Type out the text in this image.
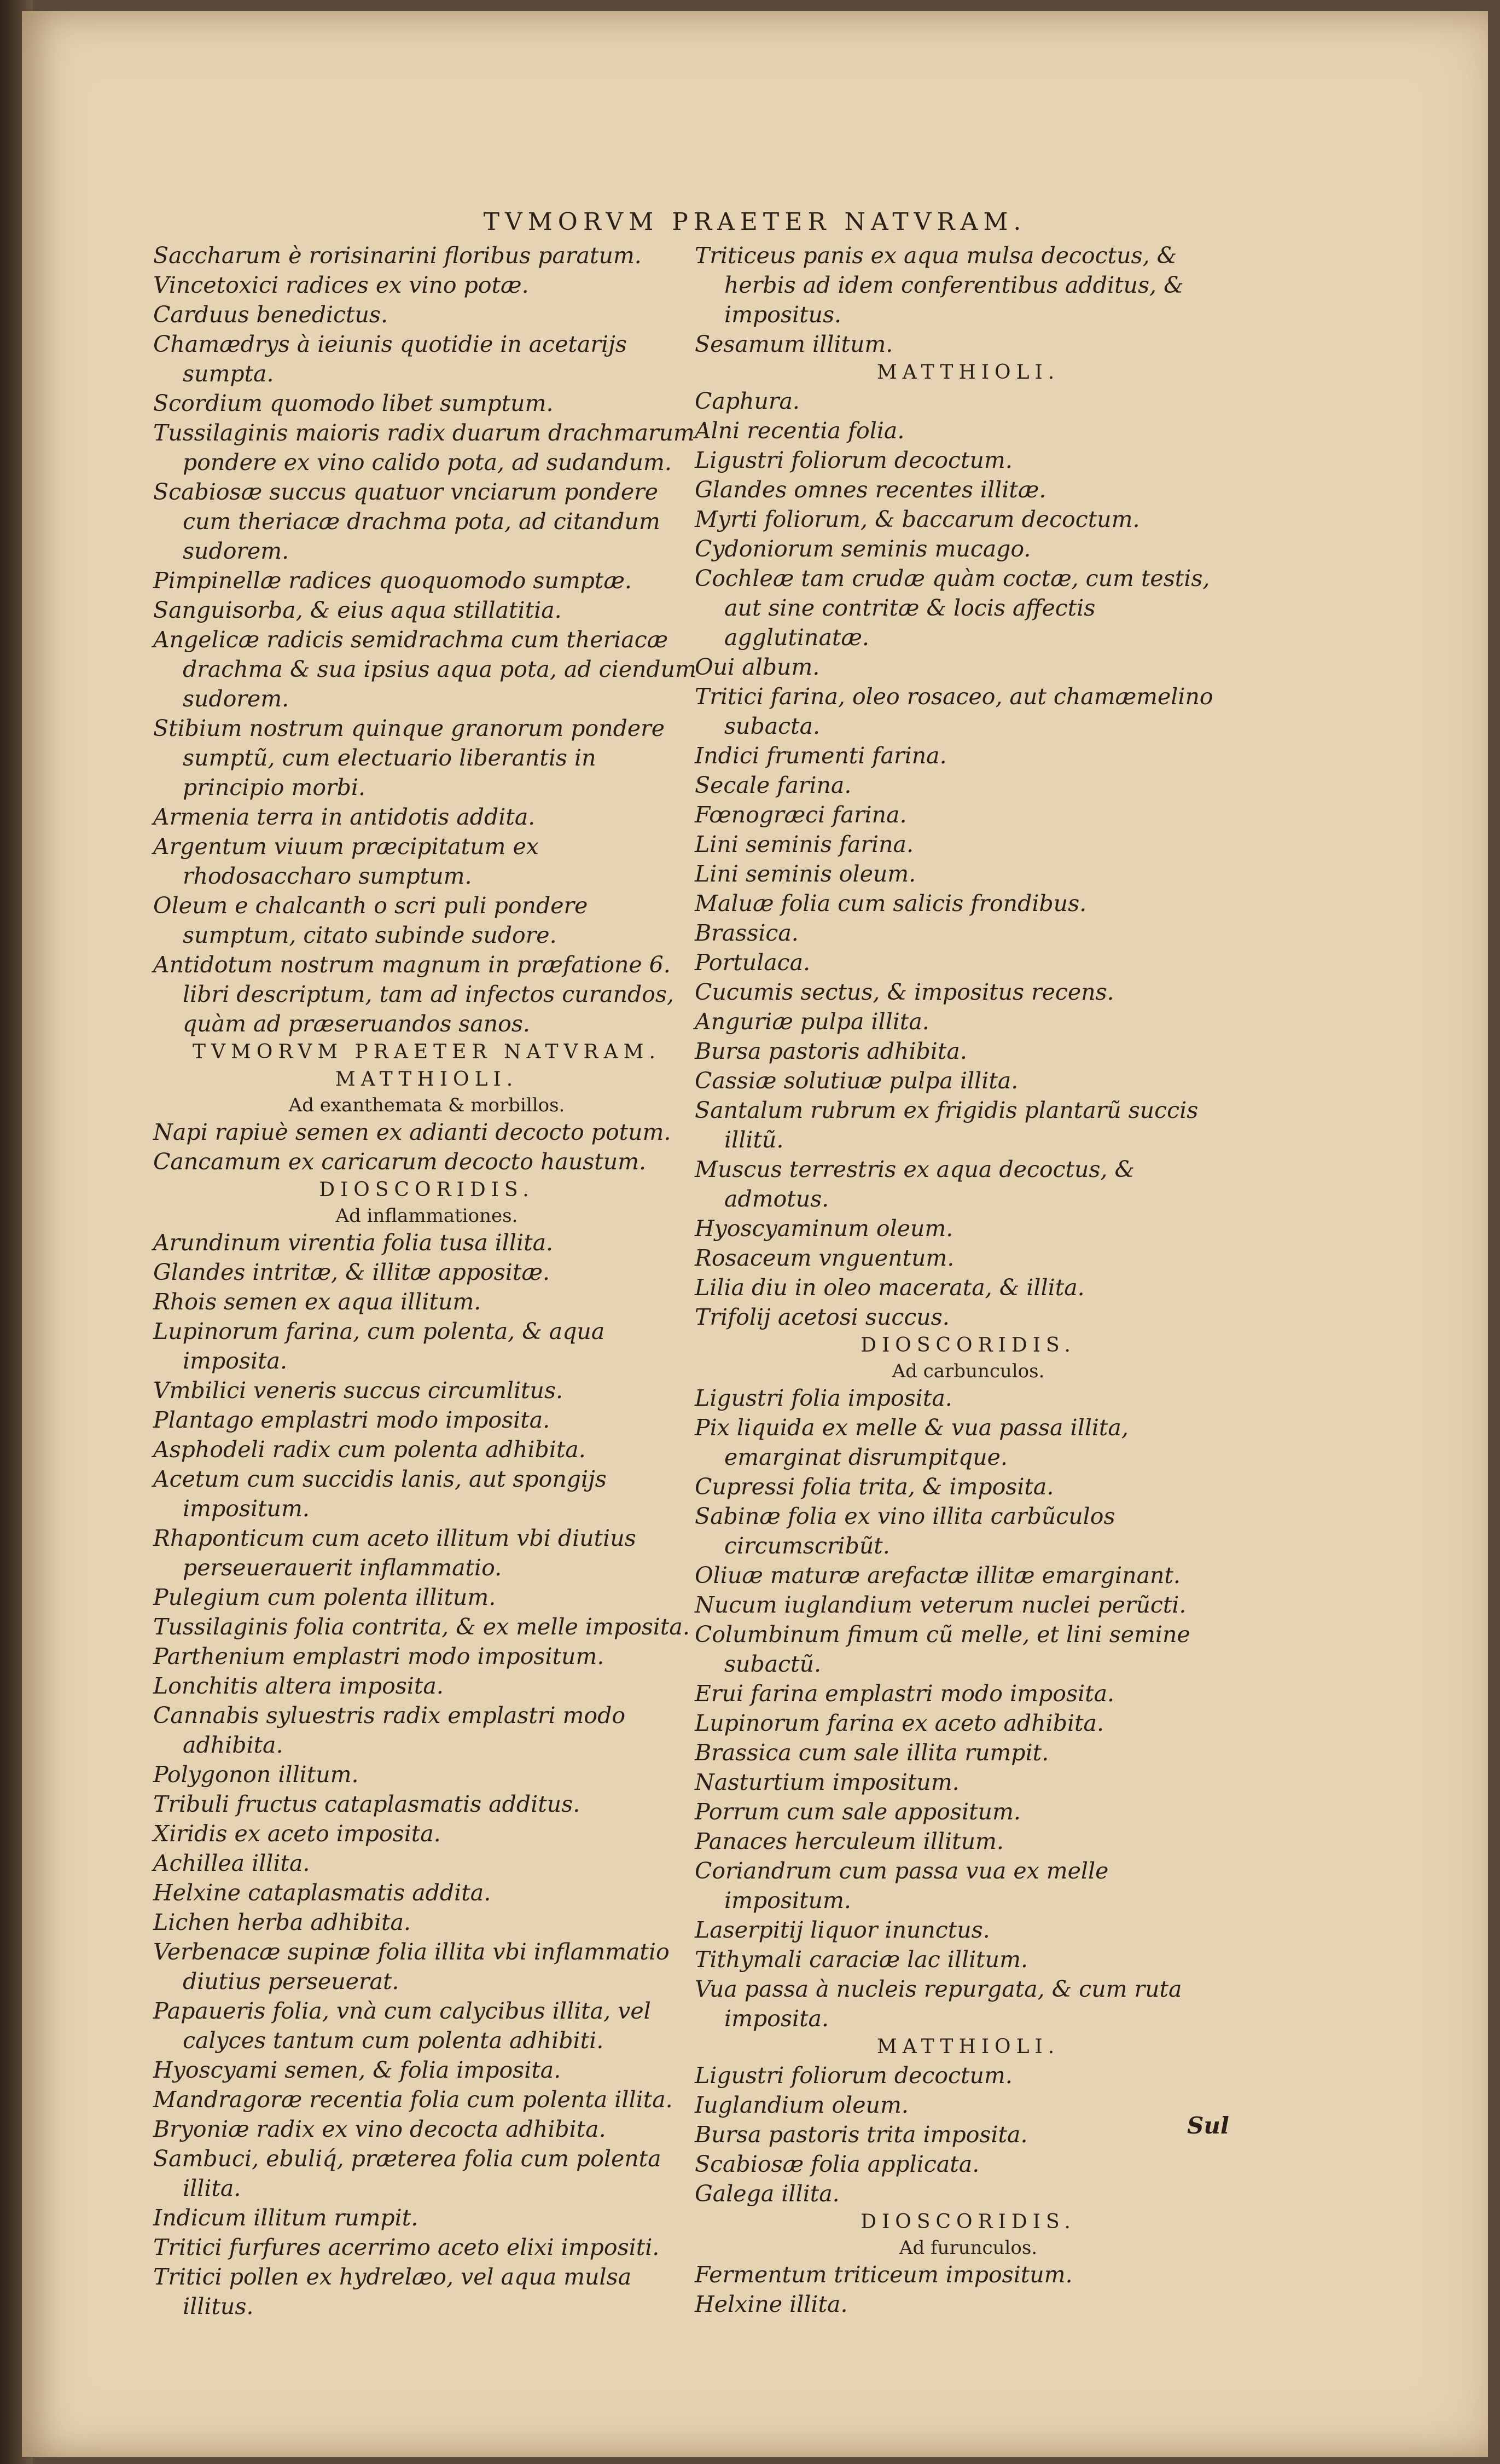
TVMORVM PRAETER NATVRAM.

Saccharum è rorisinarini floribus paratum.

Vincetoxici radices ex vino potæ.

Carduus benedictus.

Chamædrys à ieiunis quotidie in acetarijs sumpta.

Scordium quomodo libet sumptum.

Tussilaginis maioris radix duarum drachmarum pondere ex vino calido pota, ad sudandum.

Scabiosæ succus quatuor vnciarum pondere cum theriacæ drachma pota, ad citandum sudorem.

Pimpinellæ radices quoquomodo sumptæ.

Sanguisorba, & eius aqua stillatitia.

Angelicæ radicis semidrachma cum theriacæ drachma & sua ipsius aqua pota, ad ciendum sudorem.

Stibium nostrum quinque granorum pondere sumptũ, cum electuario liberantis in principio morbi.

Armenia terra in antidotis addita.

Argentum viuum præcipitatum ex rhodosaccharo sumptum.

Oleum e chalcanth o scri puli pondere sumptum, citato subinde sudore.

Antidotum nostrum magnum in præfatione 6. libri descriptum, tam ad infectos curandos, quàm ad præseruandos sanos.

TVMORVM PRAETER NATVRAM.

MATTHIOLI.

Ad exanthemata & morbillos.

Napi rapiuè semen ex adianti decocto potum.

Cancamum ex caricarum decocto haustum.

DIOSCORIDIS.

Ad inflammationes.

Arundinum virentia folia tusa illita.

Glandes intritæ, & illitæ appositæ.

Rhois semen ex aqua illitum.

Lupinorum farina, cum polenta, & aqua imposita.

Vmbilici veneris succus circumlitus.

Plantago emplastri modo imposita.

Asphodeli radix cum polenta adhibita.

Acetum cum succidis lanis, aut spongijs impositum.

Rhaponticum cum aceto illitum vbi diutius perseuerauerit inflammatio.

Pulegium cum polenta illitum.

Tussilaginis folia contrita, & ex melle imposita.

Parthenium emplastri modo impositum.

Lonchitis altera imposita.

Cannabis syluestris radix emplastri modo adhibita.

Polygonon illitum.

Tribuli fructus cataplasmatis additus.

Xiridis ex aceto imposita.

Achillea illita.

Helxine cataplasmatis addita.

Lichen herba adhibita.

Verbenacæ supinæ folia illita vbi inflammatio diutius perseuerat.

Papaueris folia, vnà cum calycibus illita, vel calyces tantum cum polenta adhibiti.

Hyoscyami semen, & folia imposita.

Mandragoræ recentia folia cum polenta illita.

Bryoniæ radix ex vino decocta adhibita.

Sambuci, ebuliq́, præterea folia cum polenta illita.

Indicum illitum rumpit.

Tritici furfures acerrimo aceto elixi impositi.

Tritici pollen ex hydrelæo, vel aqua mulsa illitus.

Triticeus panis ex aqua mulsa decoctus, & herbis ad idem conferentibus additus, & impositus.

Sesamum illitum.

MATTHIOLI.

Caphura.

Alni recentia folia.

Ligustri foliorum decoctum.

Glandes omnes recentes illitæ.

Myrti foliorum, & baccarum decoctum.

Cydoniorum seminis mucago.

Cochleæ tam crudæ quàm coctæ, cum testis, aut sine contritæ & locis affectis agglutinatæ.

Oui album.

Tritici farina, oleo rosaceo, aut chamæmelino subacta.

Indici frumenti farina.

Secale farina.

Fœnogræci farina.

Lini seminis farina.

Lini seminis oleum.

Maluæ folia cum salicis frondibus.

Brassica.

Portulaca.

Cucumis sectus, & impositus recens.

Anguriæ pulpa illita.

Bursa pastoris adhibita.

Cassiæ solutiuæ pulpa illita.

Santalum rubrum ex frigidis plantarũ succis illitũ.

Muscus terrestris ex aqua decoctus, & admotus.

Hyoscyaminum oleum.

Rosaceum vnguentum.

Lilia diu in oleo macerata, & illita.

Trifolij acetosi succus.

DIOSCORIDIS.

Ad carbunculos.

Ligustri folia imposita.

Pix liquida ex melle & vua passa illita, emarginat disrumpitque.

Cupressi folia trita, & imposita.

Sabinæ folia ex vino illita carbũculos circumscribũt.

Oliuæ maturæ arefactæ illitæ emarginant.

Nucum iuglandium veterum nuclei perũcti.

Columbinum fimum cũ melle, et lini semine subactũ.

Erui farina emplastri modo imposita.

Lupinorum farina ex aceto adhibita.

Brassica cum sale illita rumpit.

Nasturtium impositum.

Porrum cum sale appositum.

Panaces herculeum illitum.

Coriandrum cum passa vua ex melle impositum.

Laserpitij liquor inunctus.

Tithymali caraciæ lac illitum.

Vua passa à nucleis repurgata, & cum ruta imposita.

MATTHIOLI.

Ligustri foliorum decoctum.

Iuglandium oleum.

Bursa pastoris trita imposita.

Scabiosæ folia applicata.

Galega illita.

DIOSCORIDIS.

Ad furunculos.

Fermentum triticeum impositum.

Helxine illita.

Sul
